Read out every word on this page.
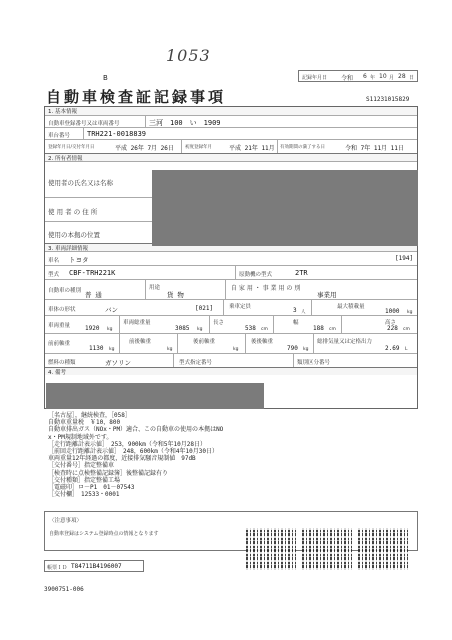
1053
B
自動車検査証記録事項
記録年月日 令和 6 年 10 月 28 日
S11231015829
1. 基本情報
自動車登録番号又は車両番号	三河　100　い　1909
車台番号 TRH221-0018839
登録年月日/交付年月日	平成 26年 7月 26日 初度登録年月	平成 21年 11月 有効期間の満了する日	令和 7年 11月 11日
2. 所有者情報
使用者の氏名又は名称
使 用 者 の 住 所
使用の本拠の位置
3. 車両詳細情報
車名 トヨタ	[194]
型式 CBF-TRH221K	原動機の型式	2TR
自動車の種別 普 通
用途
貨 物
自 家 用 ・ 事 業 用 の 別
事業用
車体の形状	バン	[021]	乗車定員	3 人
最大積載量
1000 kg
車両重量 1920 kg
車両総重量
3085 kg
長さ
538 cm
幅
188 cm
高さ
228 cm
前前軸重
1130 kg
前後軸重
kg
後前軸重
kg
後後軸重
790 kg
総排気量又は定格出力
2.69 L
燃料の種類	ガソリン	型式指定番号	類別区分番号
4. 備考
［名古屋］，継続検査，［058］
自動車重量税　￥10，800
自動車排出ガス（NOx・PM）適合、この自動車の使用の本拠はNO
x・PM規制地域外です。
［走行距離計表示値］　253，900km（令和5年10月28日）
［前回走行距離計表示値］　248，600km（令和4年10月30日）
車両重量12年経過の都度，近接排気騒音規制値　97dB
［交付番号］指定整備車
［検査時に点検整備記録簿］後整備記録有り
［交付種類］指定整備工場
［電磁印］ロ－P1　01－07543
［交付欄］　12533・0001
〈注意事項〉
自動車登録はシステム登録時点の情報となります
帳票ＩＤ T84711B4196007
3900751-006
